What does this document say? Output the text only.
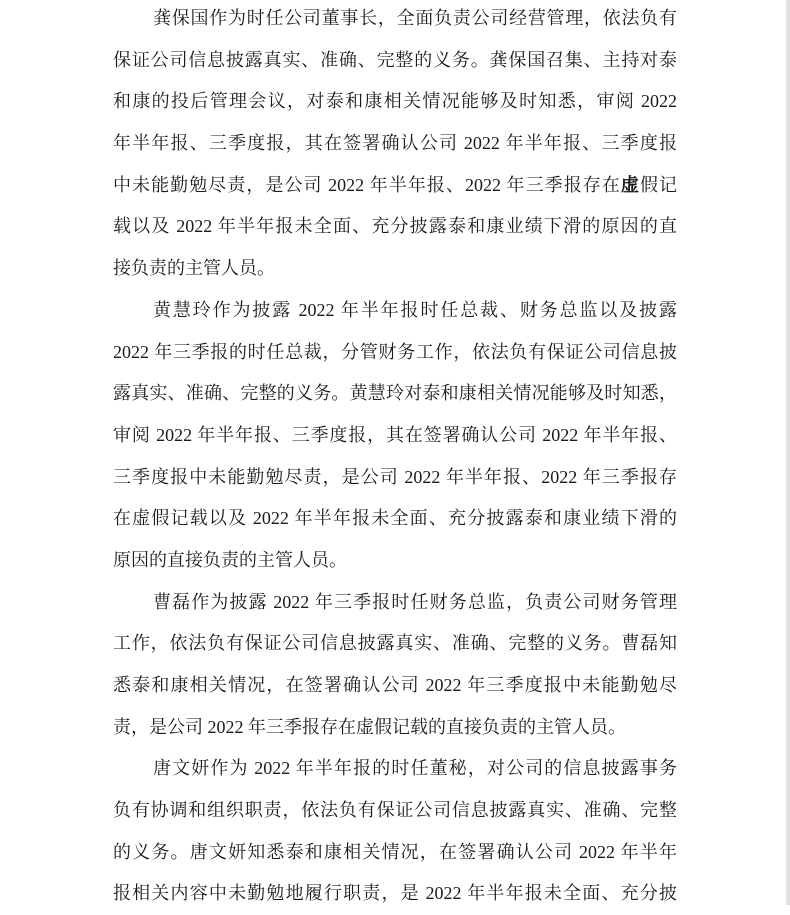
龚保国作为时任公司董事长，全面负责公司经营管理，依法负有
保证公司信息披露真实、准确、完整的义务。龚保国召集、主持对泰
和康的投后管理会议，对泰和康相关情况能够及时知悉，审阅 2022
年半年报、三季度报，其在签署确认公司 2022 年半年报、三季度报
中未能勤勉尽责，是公司 2022 年半年报、2022 年三季报存在虚假记
载以及 2022 年半年报未全面、充分披露泰和康业绩下滑的原因的直
接负责的主管人员。
黄慧玲作为披露 2022 年半年报时任总裁、财务总监以及披露
2022 年三季报的时任总裁，分管财务工作，依法负有保证公司信息披
露真实、准确、完整的义务。黄慧玲对泰和康相关情况能够及时知悉，
审阅 2022 年半年报、三季度报，其在签署确认公司 2022 年半年报、
三季度报中未能勤勉尽责，是公司 2022 年半年报、2022 年三季报存
在虚假记载以及 2022 年半年报未全面、充分披露泰和康业绩下滑的
原因的直接负责的主管人员。
曹磊作为披露 2022 年三季报时任财务总监，负责公司财务管理
工作，依法负有保证公司信息披露真实、准确、完整的义务。曹磊知
悉泰和康相关情况，在签署确认公司 2022 年三季度报中未能勤勉尽
责，是公司 2022 年三季报存在虚假记载的直接负责的主管人员。
唐文妍作为 2022 年半年报的时任董秘，对公司的信息披露事务
负有协调和组织职责，依法负有保证公司信息披露真实、准确、完整
的义务。唐文妍知悉泰和康相关情况，在签署确认公司 2022 年半年
报相关内容中未勤勉地履行职责，是 2022 年半年报未全面、充分披
